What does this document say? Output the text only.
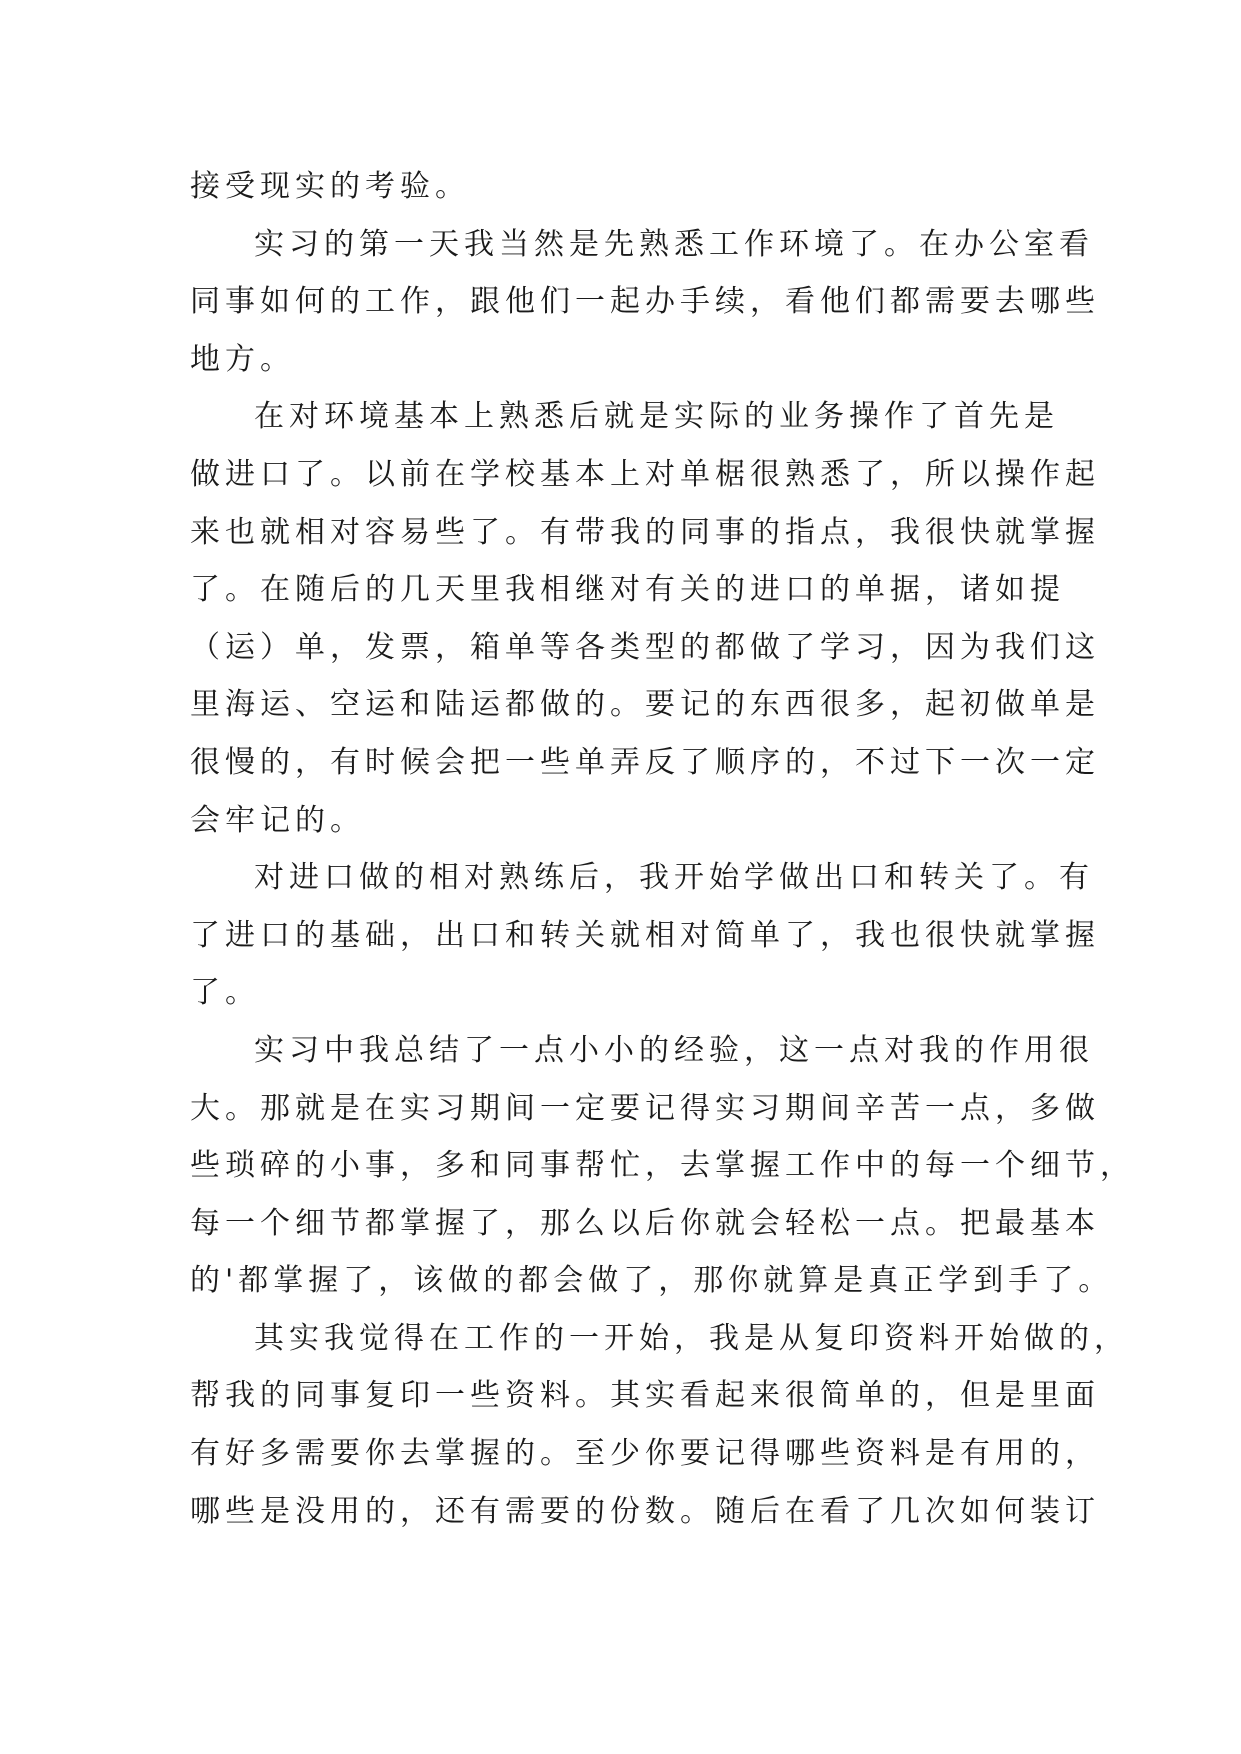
接受现实的考验。
实习的第一天我当然是先熟悉工作环境了。在办公室看
同事如何的工作，跟他们一起办手续，看他们都需要去哪些
地方。
在对环境基本上熟悉后就是实际的业务操作了首先是
做进口了。以前在学校基本上对单椐很熟悉了，所以操作起
来也就相对容易些了。有带我的同事的指点，我很快就掌握
了。在随后的几天里我相继对有关的进口的单据，诸如提
（运）单，发票，箱单等各类型的都做了学习，因为我们这
里海运、空运和陆运都做的。要记的东西很多，起初做单是
很慢的，有时候会把一些单弄反了顺序的，不过下一次一定
会牢记的。
对进口做的相对熟练后，我开始学做出口和转关了。有
了进口的基础，出口和转关就相对简单了，我也很快就掌握
了。
实习中我总结了一点小小的经验，这一点对我的作用很
大。那就是在实习期间一定要记得实习期间辛苦一点，多做
些琐碎的小事，多和同事帮忙，去掌握工作中的每一个细节，
每一个细节都掌握了，那么以后你就会轻松一点。把最基本
的'都掌握了，该做的都会做了，那你就算是真正学到手了。
其实我觉得在工作的一开始，我是从复印资料开始做的，
帮我的同事复印一些资料。其实看起来很简单的，但是里面
有好多需要你去掌握的。至少你要记得哪些资料是有用的，
哪些是没用的，还有需要的份数。随后在看了几次如何装订
